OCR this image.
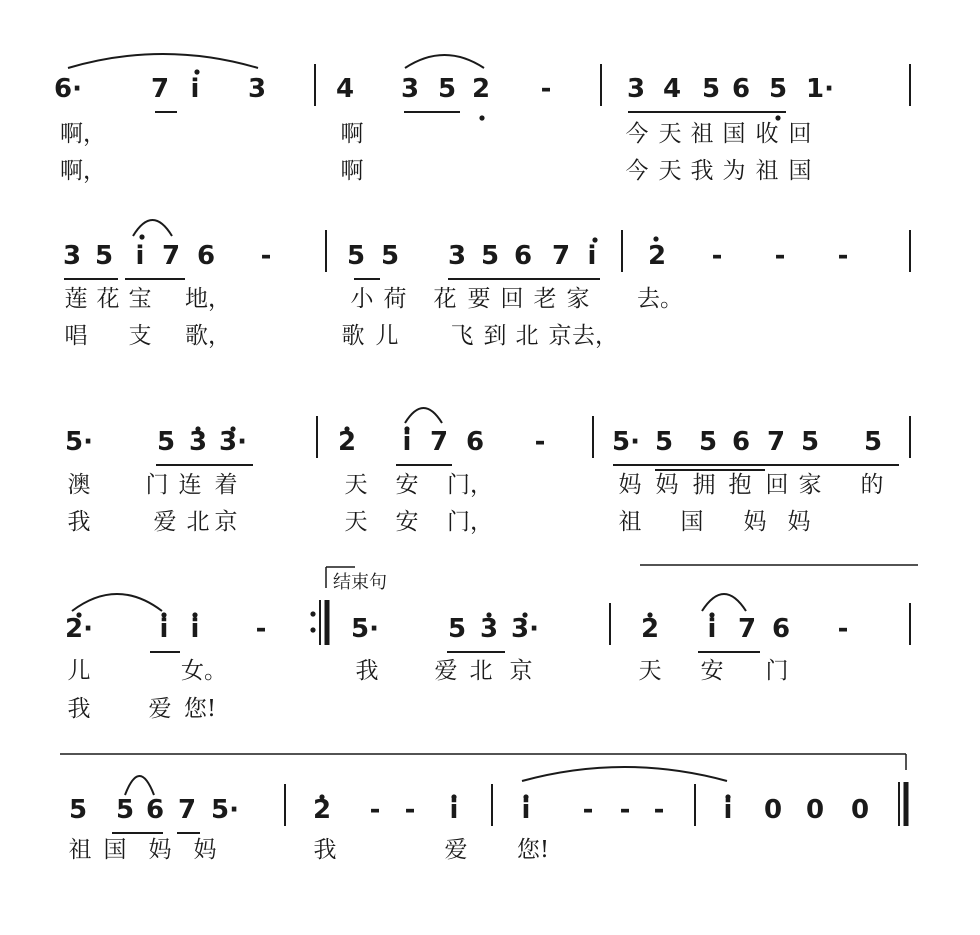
6·	7 i 3	4 3 5 2 -	3 4 5 6 5 1·
3 5 i 7 6 -	5 5 3 5 6 7 i 2 - - -
5· 5 3 3·	2 i 7 6 -	5· 5 5 6 7 5 5
2·	i i -	5·	5 3 3·	2 i 7 6 -
5 5 6 7 5·	2 - - i i - - - i 0 0 0
啊，	啊	今 天 祖 国 收 回
啊，	啊	今 天 我 为 祖 国
莲 花 宝 地，	小 荷 花 要 回 老 家 去。
唱 支 歌，	歌 儿 飞 到 北 京 去，
澳 门 连 着	天 安 门，	妈 妈 拥 抱 回 家 的
我	爱 北 京	天 安 门，	祖 国 妈 妈
儿	女。	我 爱 北 京	天 安 门
我	爱 您!
祖 国 妈 妈	我	爱 您!
结束句
